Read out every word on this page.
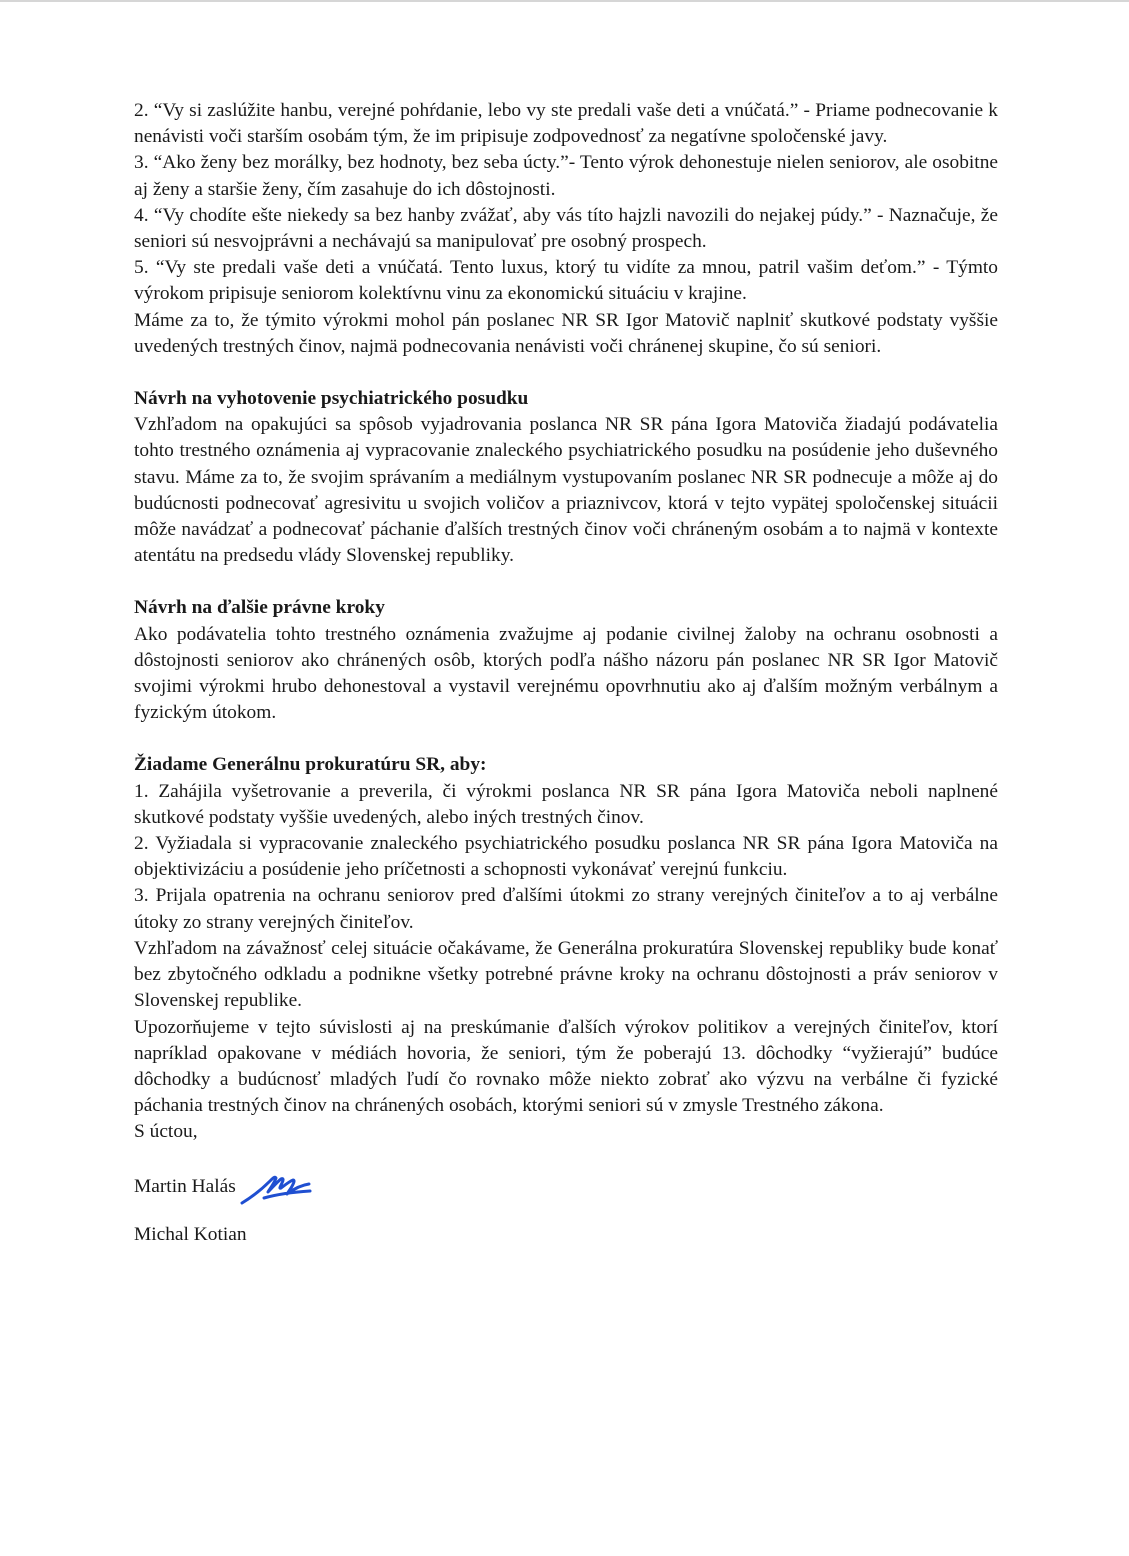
2. “Vy si zaslúžite hanbu, verejné pohŕdanie, lebo vy ste predali vaše deti a vnúčatá.” - Priame podnecovanie k nenávisti voči starším osobám tým, že im pripisuje zodpovednosť za negatívne spoločenské javy.

3. “Ako ženy bez morálky, bez hodnoty, bez seba úcty.”- Tento výrok dehonestuje nielen seniorov, ale osobitne aj ženy a staršie ženy, čím zasahuje do ich dôstojnosti.

4. “Vy chodíte ešte niekedy sa bez hanby zvážať, aby vás títo hajzli navozili do nejakej púdy.” - Naznačuje, že seniori sú nesvojprávni a nechávajú sa manipulovať pre osobný prospech.

5. “Vy ste predali vaše deti a vnúčatá. Tento luxus, ktorý tu vidíte za mnou, patril vašim deťom.” - Týmto výrokom pripisuje seniorom kolektívnu vinu za ekonomickú situáciu v krajine.

Máme za to, že týmito výrokmi mohol pán poslanec NR SR Igor Matovič naplniť skutkové podstaty vyššie uvedených trestných činov, najmä podnecovania nenávisti voči chránenej skupine, čo sú seniori.

Návrh na vyhotovenie psychiatrického posudku

Vzhľadom na opakujúci sa spôsob vyjadrovania poslanca NR SR pána Igora Matoviča žiadajú podávatelia tohto trestného oznámenia aj vypracovanie znaleckého psychiatrického posudku na posúdenie jeho duševného stavu. Máme za to, že svojim správaním a mediálnym vystupovaním poslanec NR SR podnecuje a môže aj do budúcnosti podnecovať agresivitu u svojich voličov a priaznivcov, ktorá v tejto vypätej spoločenskej situácii môže navádzať a podnecovať páchanie ďalších trestných činov voči chráneným osobám a to najmä v kontexte atentátu na predsedu vlády Slovenskej republiky.

Návrh na ďalšie právne kroky

Ako podávatelia tohto trestného oznámenia zvažujme aj podanie civilnej žaloby na ochranu osobnosti a dôstojnosti seniorov ako chránených osôb, ktorých podľa nášho názoru pán poslanec NR SR Igor Matovič svojimi výrokmi hrubo dehonestoval a vystavil verejnému opovrhnutiu ako aj ďalším možným verbálnym a fyzickým útokom.

Žiadame Generálnu prokuratúru SR, aby:

1. Zahájila vyšetrovanie a preverila, či výrokmi poslanca NR SR pána Igora Matoviča neboli naplnené skutkové podstaty vyššie uvedených, alebo iných trestných činov.

2. Vyžiadala si vypracovanie znaleckého psychiatrického posudku poslanca NR SR pána Igora Matoviča na objektivizáciu a posúdenie jeho príčetnosti a schopnosti vykonávať verejnú funkciu.

3. Prijala opatrenia na ochranu seniorov pred ďalšími útokmi zo strany verejných činiteľov a to aj verbálne útoky zo strany verejných činiteľov.

Vzhľadom na závažnosť celej situácie očakávame, že Generálna prokuratúra Slovenskej republiky bude konať bez zbytočného odkladu a podnikne všetky potrebné právne kroky na ochranu dôstojnosti a práv seniorov v Slovenskej republike.

Upozorňujeme v tejto súvislosti aj na preskúmanie ďalších výrokov politikov a verejných činiteľov, ktorí napríklad opakovane v médiách hovoria, že seniori, tým že poberajú 13. dôchodky “vyžierajú” budúce dôchodky a budúcnosť mladých ľudí čo rovnako môže niekto zobrať ako výzvu na verbálne či fyzické páchania trestných činov na chránených osobách, ktorými seniori sú v zmysle Trestného zákona.

S úctou,

Martin Halás
Michal Kotian
